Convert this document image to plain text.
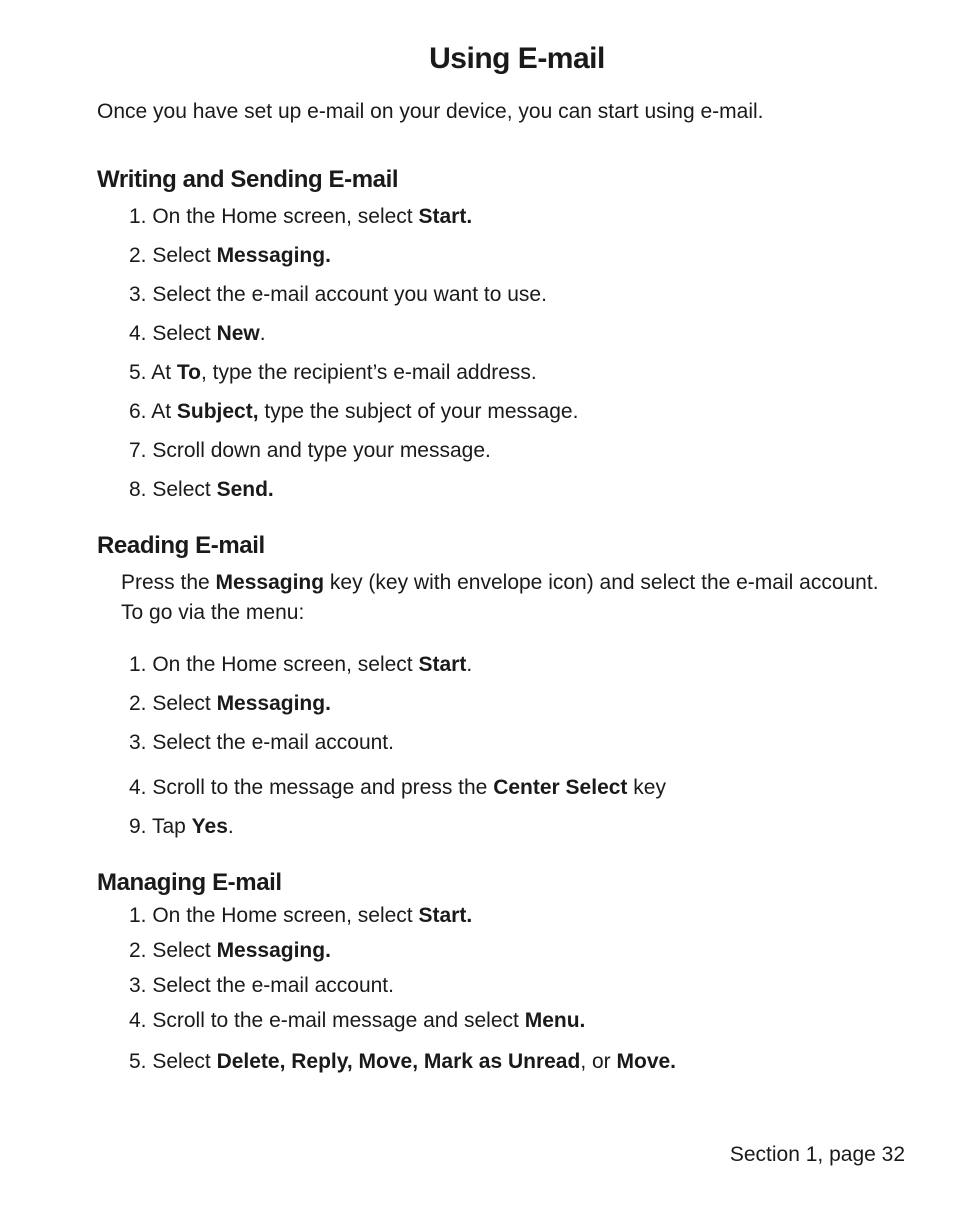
Using E-mail

Once you have set up e-mail on your device, you can start using e-mail.

Writing and Sending E-mail

1. On the Home screen, select Start.

2. Select Messaging.

3. Select the e-mail account you want to use.

4. Select New.

5. At To, type the recipient’s e-mail address.

6. At Subject, type the subject of your message.

7. Scroll down and type your message.

8. Select Send.

Reading E-mail

Press the Messaging key (key with envelope icon) and select the e-mail account.

To go via the menu:

1. On the Home screen, select Start.

2. Select Messaging.

3. Select the e-mail account.

4. Scroll to the message and press the Center Select key

9. Tap Yes.

Managing E-mail

1. On the Home screen, select Start.

2. Select Messaging.

3. Select the e-mail account.

4. Scroll to the e-mail message and select Menu.

5. Select Delete, Reply, Move, Mark as Unread, or Move.

Section 1, page 32
